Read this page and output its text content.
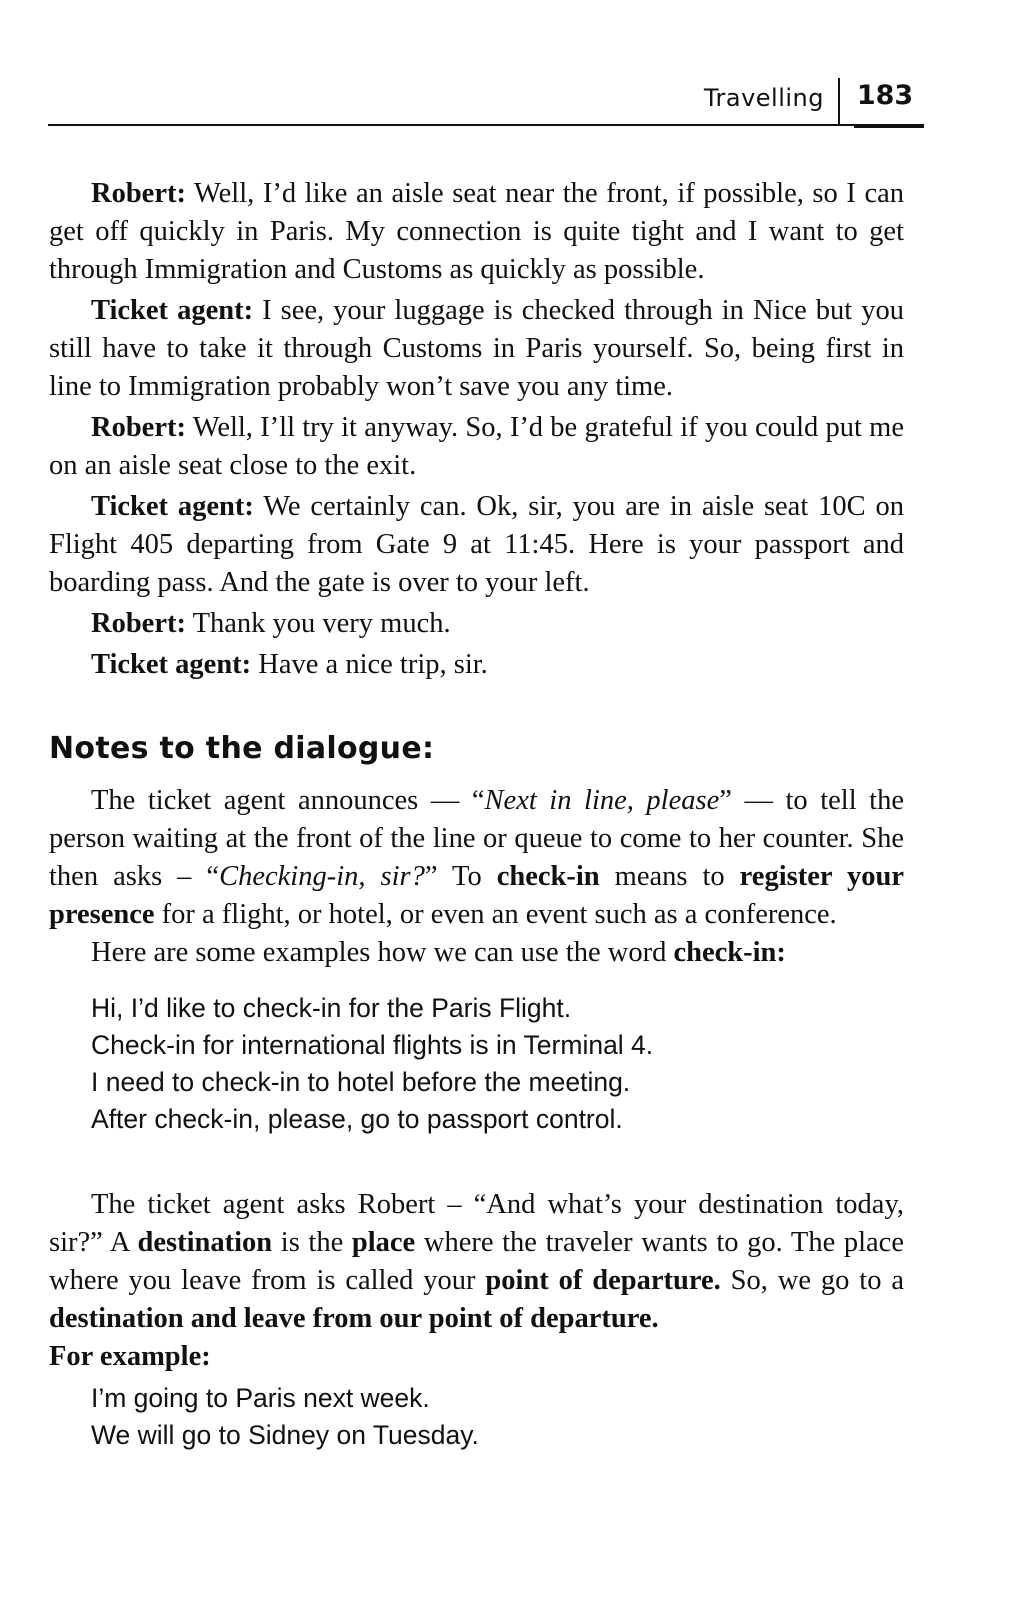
Travelling	183

Robert: Well, I’d like an aisle seat near the front, if possible, so I can get off quickly in Paris. My connection is quite tight and I want to get through Immigration and Customs as quickly as possible.

Ticket agent: I see, your luggage is checked through in Nice but you still have to take it through Customs in Paris yourself. So, being first in line to Immigration probably won’t save you any time.

Robert: Well, I’ll try it anyway. So, I’d be grateful if you could put me on an aisle seat close to the exit.

Ticket agent: We certainly can. Ok, sir, you are in aisle seat 10C on Flight 405 departing from Gate 9 at 11:45. Here is your passport and boarding pass. And the gate is over to your left.

Robert: Thank you very much.

Ticket agent: Have a nice trip, sir.

Notes to the dialogue:

The ticket agent announces — “Next in line, please” — to tell the person waiting at the front of the line or queue to come to her counter. She then asks – “Checking-in, sir?” To check-in means to register your presence for a flight, or hotel, or even an event such as a conference.

Here are some examples how we can use the word check-in:

Hi, I’d like to check-in for the Paris Flight.
Check-in for international flights is in Terminal 4.
I need to check-in to hotel before the meeting.
After check-in, please, go to passport control.

The ticket agent asks Robert – “And what’s your destination today, sir?” A destination is the place where the traveler wants to go. The place where you leave from is called your point of departure. So, we go to a destination and leave from our point of departure.

For example:

I’m going to Paris next week.
We will go to Sidney on Tuesday.
